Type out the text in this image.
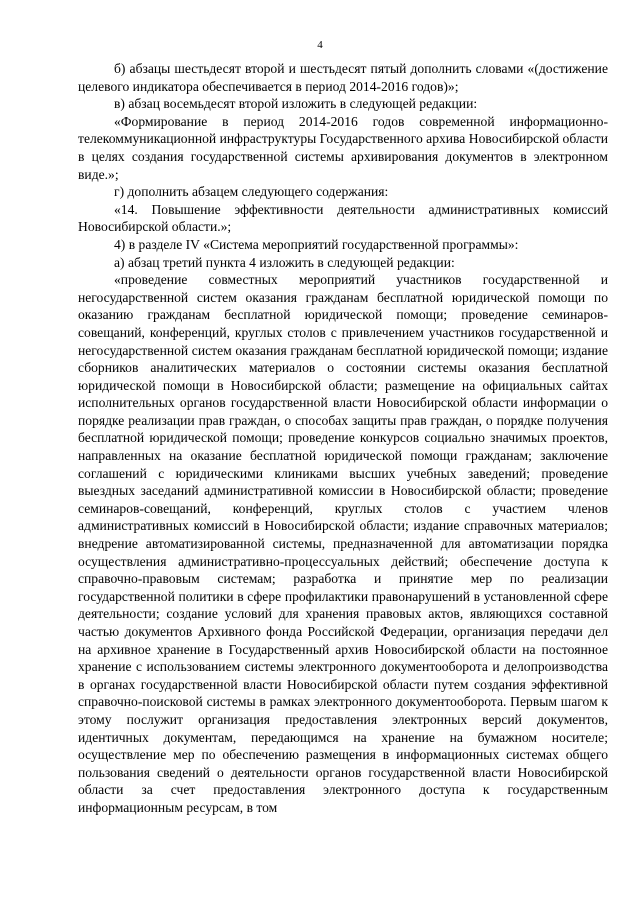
4

б) абзацы шестьдесят второй и шестьдесят пятый дополнить словами «(достижение целевого индикатора обеспечивается в период 2014-2016 годов)»;

в) абзац восемьдесят второй изложить в следующей редакции:

«Формирование в период 2014-2016 годов современной информационно-телекоммуникационной инфраструктуры Государственного архива Новосибирской области в целях создания государственной системы архивирования документов в электронном виде.»;

г) дополнить абзацем следующего содержания:

«14. Повышение эффективности деятельности административных комиссий Новосибирской области.»;

4) в разделе IV «Система мероприятий государственной программы»:

а) абзац третий пункта 4 изложить в следующей редакции:

«проведение совместных мероприятий участников государственной и негосударственной систем оказания гражданам бесплатной юридической помощи по оказанию гражданам бесплатной юридической помощи; проведение семинаров-совещаний, конференций, круглых столов с привлечением участников государственной и негосударственной систем оказания гражданам бесплатной юридической помощи; издание сборников аналитических материалов о состоянии системы оказания бесплатной юридической помощи в Новосибирской области; размещение на официальных сайтах исполнительных органов государственной власти Новосибирской области информации о порядке реализации прав граждан, о способах защиты прав граждан, о порядке получения бесплатной юридической помощи; проведение конкурсов социально значимых проектов, направленных на оказание бесплатной юридической помощи гражданам; заключение соглашений с юридическими клиниками высших учебных заведений; проведение выездных заседаний административной комиссии в Новосибирской области; проведение семинаров-совещаний, конференций, круглых столов с участием членов административных комиссий в Новосибирской области; издание справочных материалов; внедрение автоматизированной системы, предназначенной для автоматизации порядка осуществления административно-процессуальных действий; обеспечение доступа к справочно-правовым системам; разработка и принятие мер по реализации государственной политики в сфере профилактики правонарушений в установленной сфере деятельности; создание условий для хранения правовых актов, являющихся составной частью документов Архивного фонда Российской Федерации, организация передачи дел на архивное хранение в Государственный архив Новосибирской области на постоянное хранение с использованием системы электронного документооборота и делопроизводства в органах государственной власти Новосибирской области путем создания эффективной справочно-поисковой системы в рамках электронного документооборота. Первым шагом к этому послужит организация предоставления электронных версий документов, идентичных документам, передающимся на хранение на бумажном носителе; осуществление мер по обеспечению размещения в информационных системах общего пользования сведений о деятельности органов государственной власти Новосибирской области за счет предоставления электронного доступа к государственным информационным ресурсам, в том
